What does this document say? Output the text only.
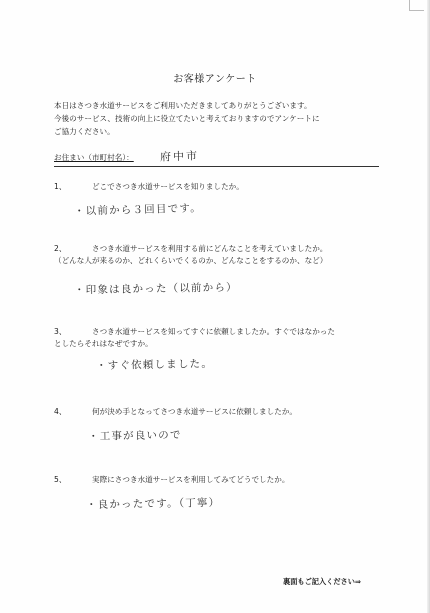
お客様アンケート
本日はさつき水道サービスをご利用いただきましてありがとうございます。
今後のサービス、技術の向上に役立てたいと考えておりますのでアンケートに
ご協力ください。
お住まい（市町村名）： 府中市
1、	どこでさつき水道サービスを知りましたか。
・以前から３回目です。
2、	さつき水道サービスを利用する前にどんなことを考えていましたか。
（どんな人が来るのか、どれくらいでくるのか、どんなことをするのか、など）
・印象は良かった（以前から）
3、	さつき水道サービスを知ってすぐに依頼しましたか。すぐではなかった
としたらそれはなぜですか。
・すぐ依頼しました。
4、	何が決め手となってさつき水道サービスに依頼しましたか。
・工事が良いので
5、	実際にさつき水道サービスを利用してみてどうでしたか。
・良かったです。（丁寧）
裏面もご記入ください⇒
